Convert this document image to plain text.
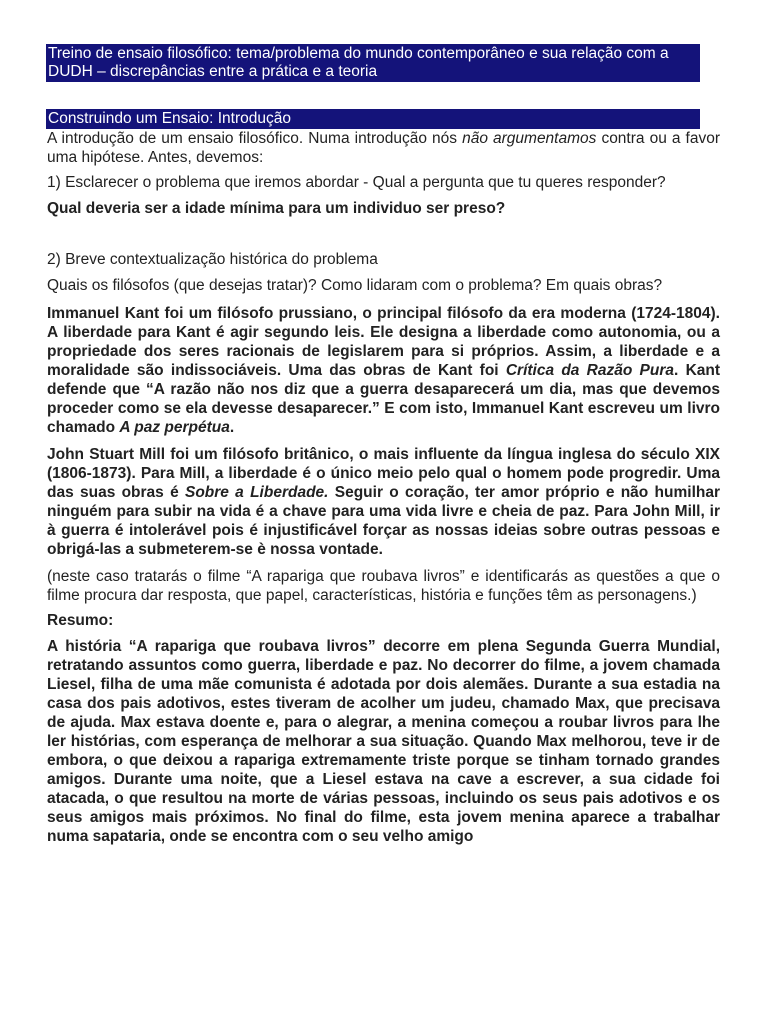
Treino de ensaio filosófico: tema/problema do mundo contemporâneo e sua relação com a DUDH – discrepâncias entre a prática e a teoria
Construindo um Ensaio: Introdução

A introdução de um ensaio filosófico. Numa introdução nós não argumentamos contra ou a favor uma hipótese. Antes, devemos:

1) Esclarecer o problema que iremos abordar - Qual a pergunta que tu queres responder?

Qual deveria ser a idade mínima para um individuo ser preso?

2) Breve contextualização histórica do problema

Quais os filósofos (que desejas tratar)? Como lidaram com o problema? Em quais obras?

Immanuel Kant foi um filósofo prussiano, o principal filósofo da era moderna (1724-1804). A liberdade para Kant é agir segundo leis. Ele designa a liberdade como autonomia, ou a propriedade dos seres racionais de legislarem para si próprios. Assim, a liberdade e a moralidade são indissociáveis. Uma das obras de Kant foi Crítica da Razão Pura. Kant defende que “A razão não nos diz que a guerra desaparecerá um dia, mas que devemos proceder como se ela devesse desaparecer.” E com isto, Immanuel Kant escreveu um livro chamado A paz perpétua.

John Stuart Mill foi um filósofo britânico, o mais influente da língua inglesa do século XIX (1806-1873). Para Mill, a liberdade é o único meio pelo qual o homem pode progredir. Uma das suas obras é Sobre a Liberdade. Seguir o coração, ter amor próprio e não humilhar ninguém para subir na vida é a chave para uma vida livre e cheia de paz. Para John Mill, ir à guerra é intolerável pois é injustificável forçar as nossas ideias sobre outras pessoas e obrigá-las a submeterem-se è nossa vontade.

(neste caso tratarás o filme “A rapariga que roubava livros” e identificarás as questões a que o filme procura dar resposta, que papel, características, história e funções têm as personagens.)

Resumo:

A história “A rapariga que roubava livros” decorre em plena Segunda Guerra Mundial, retratando assuntos como guerra, liberdade e paz. No decorrer do filme, a jovem chamada Liesel, filha de uma mãe comunista é adotada por dois alemães. Durante a sua estadia na casa dos pais adotivos, estes tiveram de acolher um judeu, chamado Max, que precisava de ajuda. Max estava doente e, para o alegrar, a menina começou a roubar livros para lhe ler histórias, com esperança de melhorar a sua situação. Quando Max melhorou, teve ir de embora, o que deixou a rapariga extremamente triste porque se tinham tornado grandes amigos. Durante uma noite, que a Liesel estava na cave a escrever, a sua cidade foi atacada, o que resultou na morte de várias pessoas, incluindo os seus pais adotivos e os seus amigos mais próximos. No final do filme, esta jovem menina aparece a trabalhar numa sapataria, onde se encontra com o seu velho amigo
